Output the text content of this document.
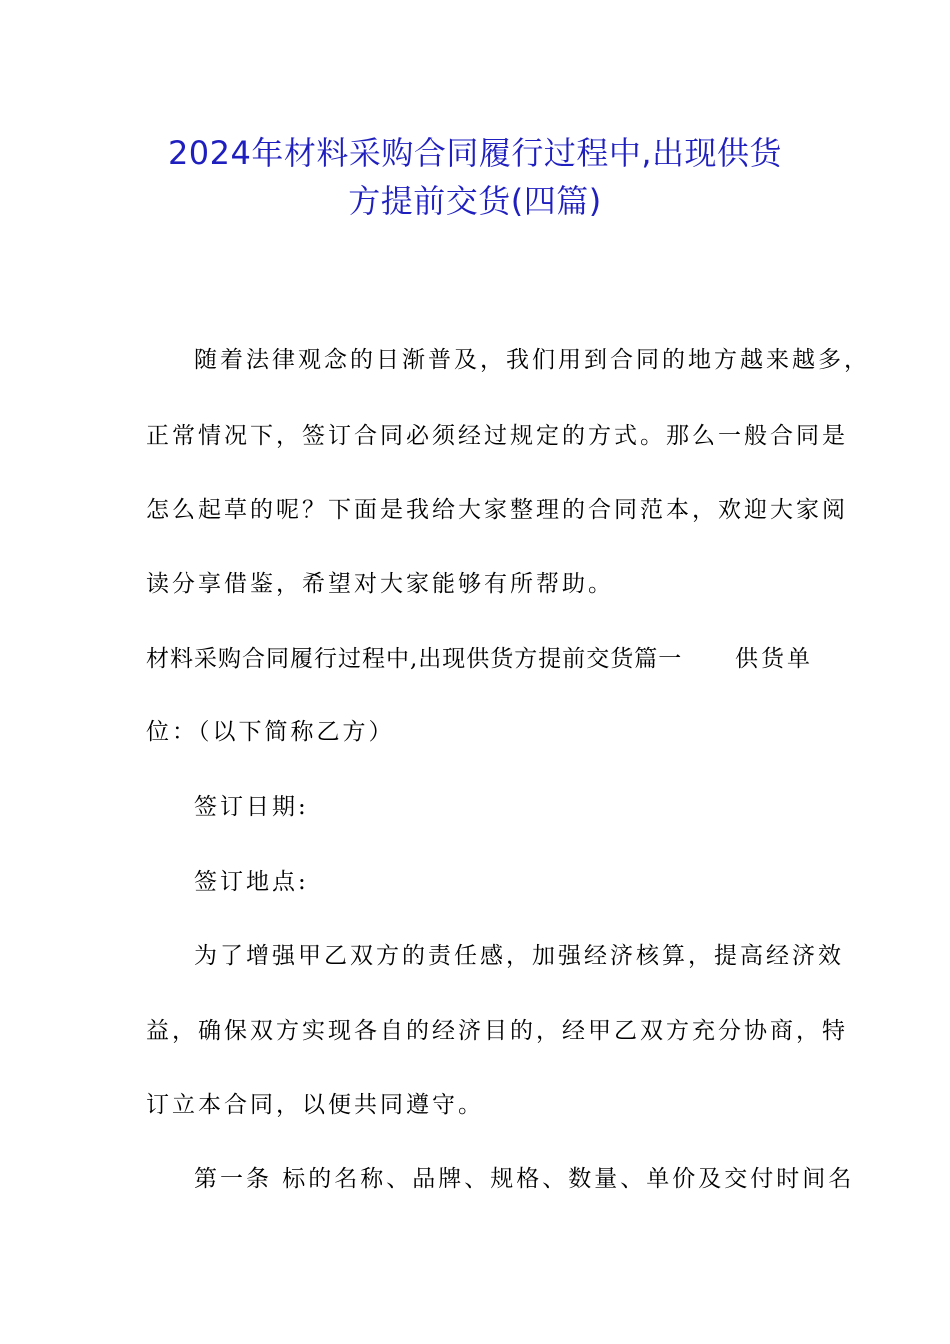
2024年材料采购合同履行过程中,出现供货
方提前交货(四篇)
随着法律观念的日渐普及，我们用到合同的地方越来越多，
正常情况下，签订合同必须经过规定的方式。那么一般合同是
怎么起草的呢？下面是我给大家整理的合同范本，欢迎大家阅
读分享借鉴，希望对大家能够有所帮助。
材料采购合同履行过程中,出现供货方提前交货篇一	供货单
位：（以下简称乙方）
签订日期:
签订地点:
为了增强甲乙双方的责任感，加强经济核算，提高经济效
益，确保双方实现各自的经济目的，经甲乙双方充分协商，特
订立本合同，以便共同遵守。
第一条 标的名称、品牌、规格、数量、单价及交付时间名
